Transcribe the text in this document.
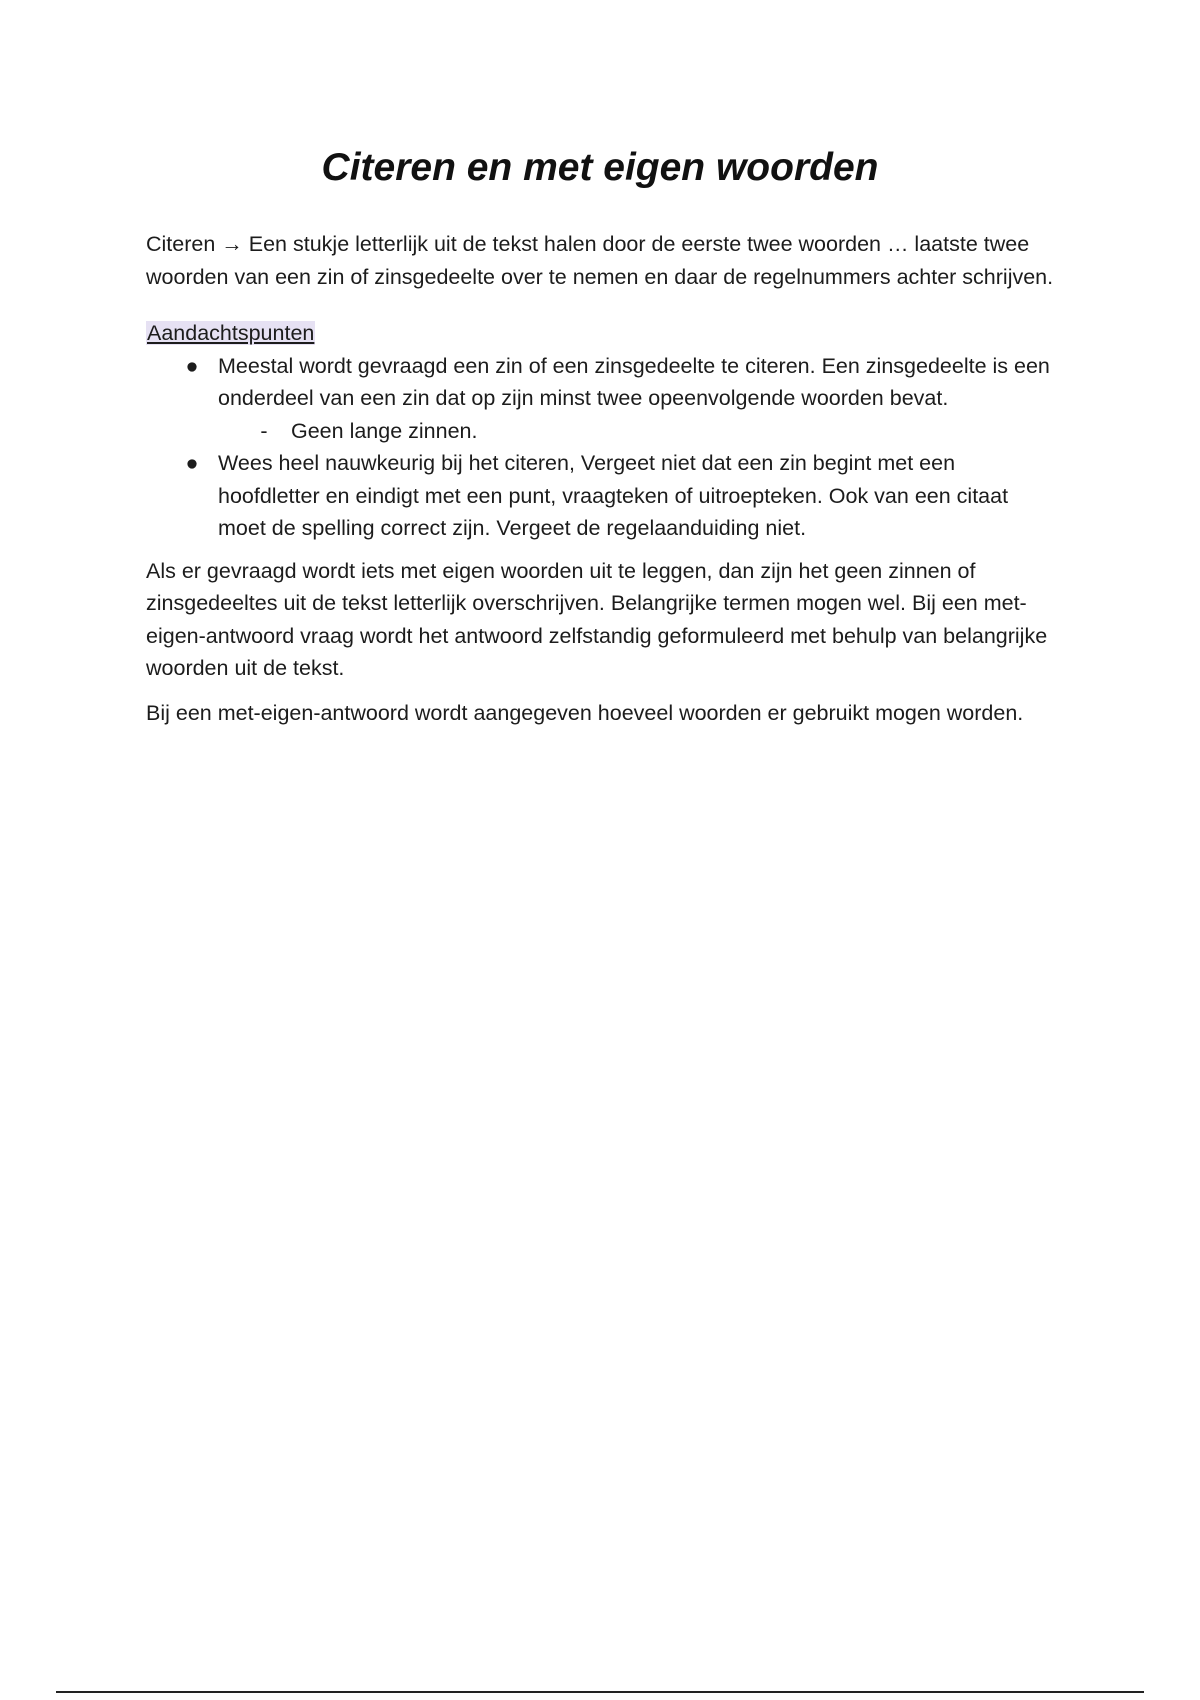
Citeren en met eigen woorden

Citeren → Een stukje letterlijk uit de tekst halen door de eerste twee woorden … laatste twee woorden van een zin of zinsgedeelte over te nemen en daar de regelnummers achter schrijven.

Aandachtspunten
● Meestal wordt gevraagd een zin of een zinsgedeelte te citeren. Een zinsgedeelte is een onderdeel van een zin dat op zijn minst twee opeenvolgende woorden bevat.
- Geen lange zinnen.
● Wees heel nauwkeurig bij het citeren, Vergeet niet dat een zin begint met een hoofdletter en eindigt met een punt, vraagteken of uitroepteken. Ook van een citaat moet de spelling correct zijn. Vergeet de regelaanduiding niet.

Als er gevraagd wordt iets met eigen woorden uit te leggen, dan zijn het geen zinnen of zinsgedeeltes uit de tekst letterlijk overschrijven. Belangrijke termen mogen wel. Bij een met-eigen-antwoord vraag wordt het antwoord zelfstandig geformuleerd met behulp van belangrijke woorden uit de tekst.

Bij een met-eigen-antwoord wordt aangegeven hoeveel woorden er gebruikt mogen worden.
